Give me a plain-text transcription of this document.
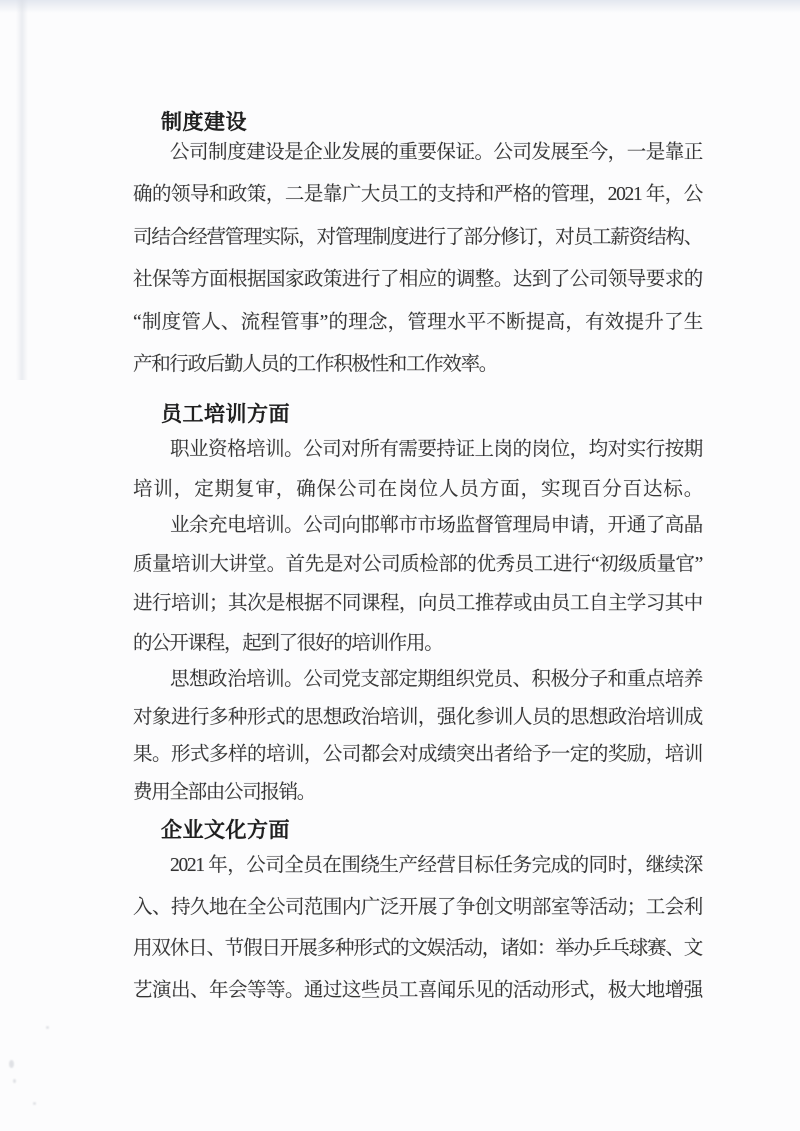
制度建设
公司制度建设是企业发展的重要保证。公司发展至今，一是靠正
确的领导和政策，二是靠广大员工的支持和严格的管理，2021 年，公
司结合经营管理实际，对管理制度进行了部分修订，对员工薪资结构、
社保等方面根据国家政策进行了相应的调整。达到了公司领导要求的
“制度管人、流程管事”的理念，管理水平不断提高，有效提升了生
产和行政后勤人员的工作积极性和工作效率。
员工培训方面
职业资格培训。公司对所有需要持证上岗的岗位，均对实行按期
培训，定期复审，确保公司在岗位人员方面，实现百分百达标。
业余充电培训。公司向邯郸市市场监督管理局申请，开通了高晶
质量培训大讲堂。首先是对公司质检部的优秀员工进行“初级质量官”
进行培训；其次是根据不同课程，向员工推荐或由员工自主学习其中
的公开课程，起到了很好的培训作用。
思想政治培训。公司党支部定期组织党员、积极分子和重点培养
对象进行多种形式的思想政治培训，强化参训人员的思想政治培训成
果。形式多样的培训，公司都会对成绩突出者给予一定的奖励，培训
费用全部由公司报销。
企业文化方面
2021 年，公司全员在围绕生产经营目标任务完成的同时，继续深
入、持久地在全公司范围内广泛开展了争创文明部室等活动；工会利
用双休日、节假日开展多种形式的文娱活动，诸如：举办乒乓球赛、文
艺演出、年会等等。通过这些员工喜闻乐见的活动形式，极大地增强
